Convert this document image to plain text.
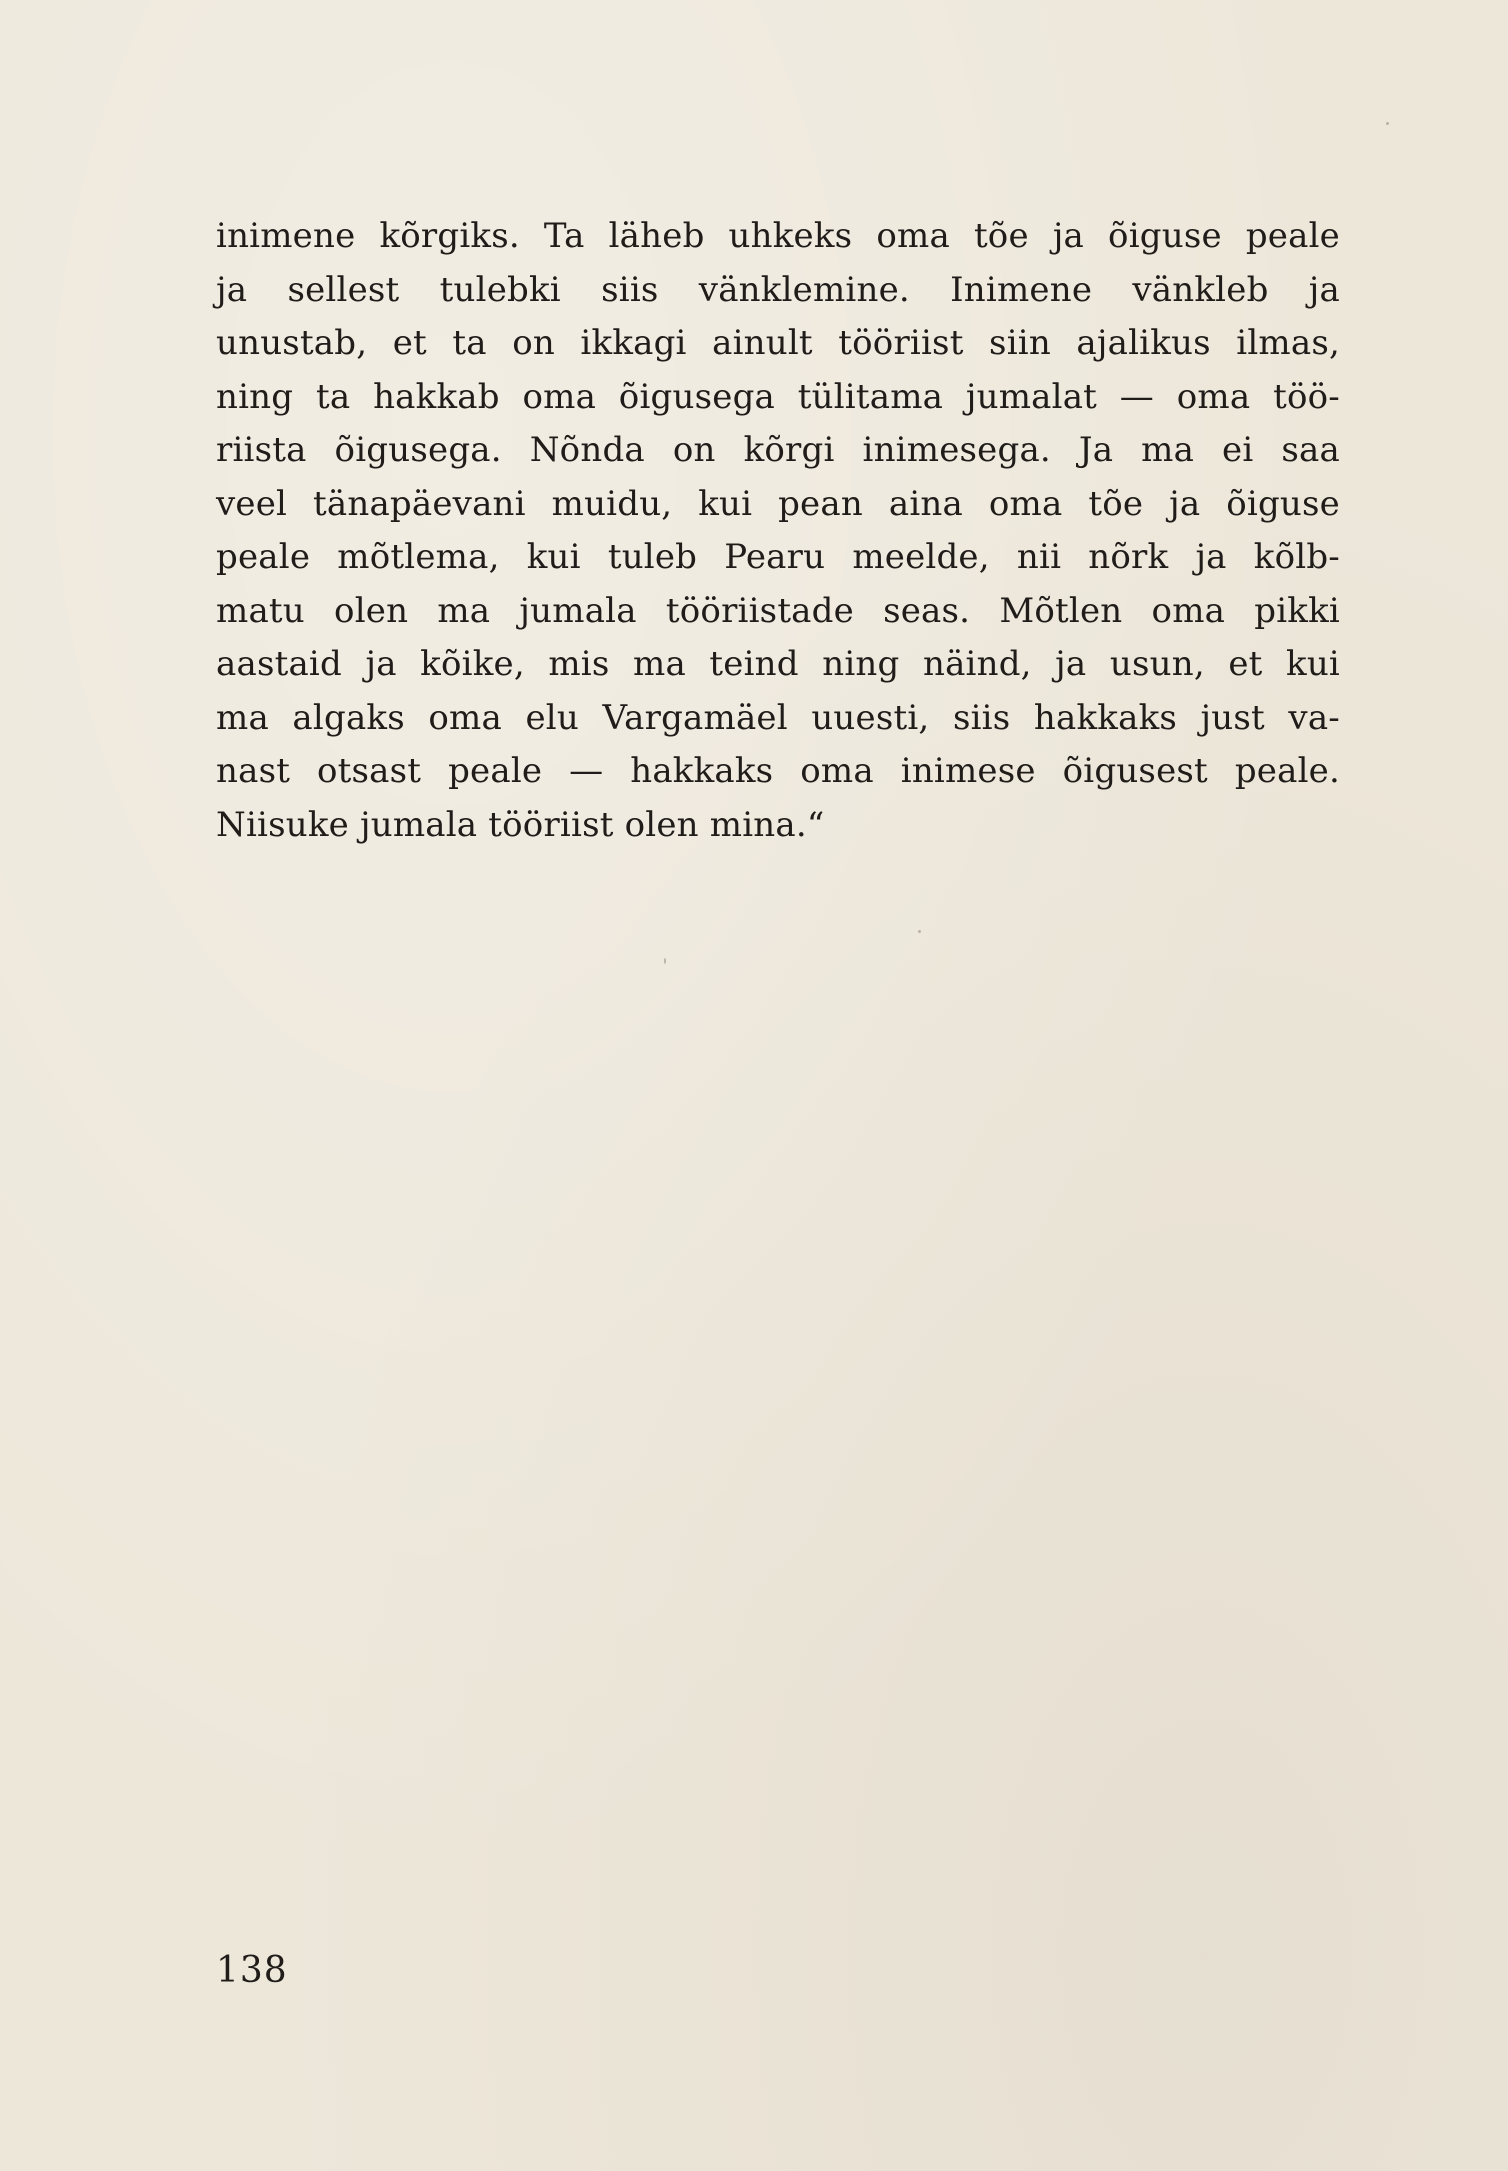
inimene kõrgiks. Ta läheb uhkeks oma tõe ja õiguse peale
ja sellest tulebki siis vänklemine. Inimene vänkleb ja
unustab, et ta on ikkagi ainult tööriist siin ajalikus ilmas,
ning ta hakkab oma õigusega tülitama jumalat — oma töö-
riista õigusega. Nõnda on kõrgi inimesega. Ja ma ei saa
veel tänapäevani muidu, kui pean aina oma tõe ja õiguse
peale mõtlema, kui tuleb Pearu meelde, nii nõrk ja kõlb-
matu olen ma jumala tööriistade seas. Mõtlen oma pikki
aastaid ja kõike, mis ma teind ning näind, ja usun, et kui
ma algaks oma elu Vargamäel uuesti, siis hakkaks just va-
nast otsast peale — hakkaks oma inimese õigusest peale.
Niisuke jumala tööriist olen mina.“
138
